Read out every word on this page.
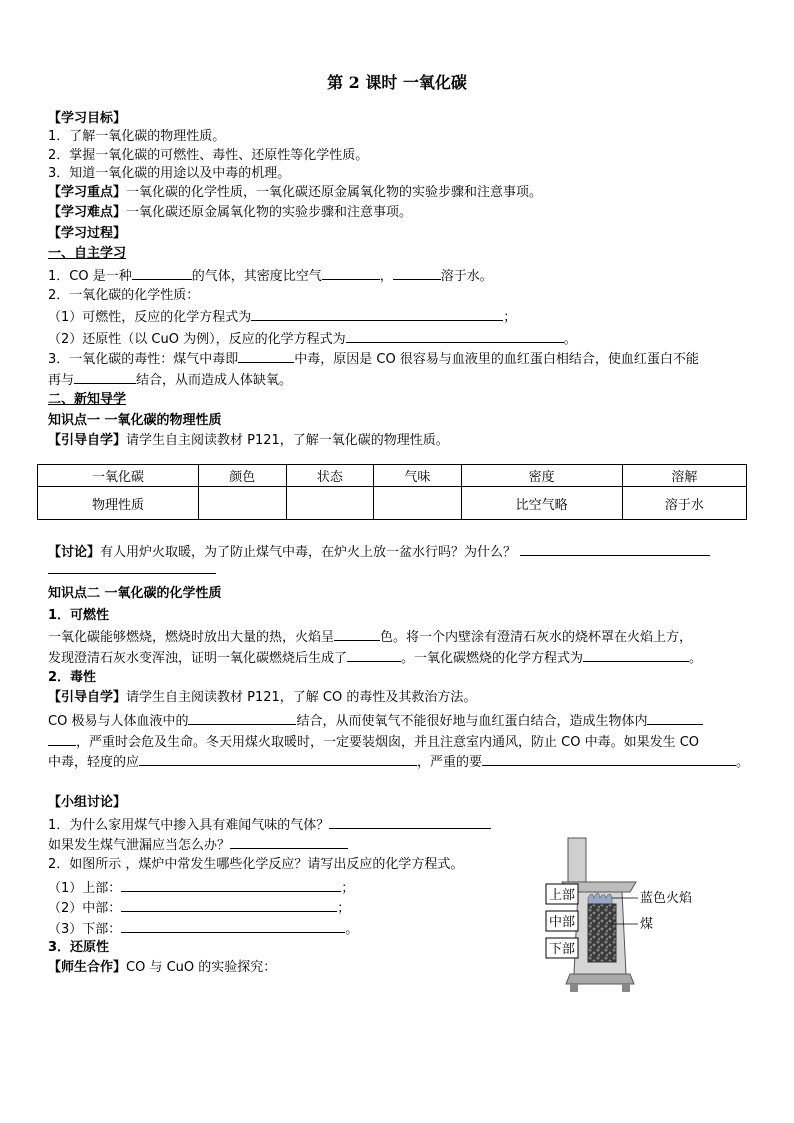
第 2 课时 一氧化碳
【学习目标】
1．了解一氧化碳的物理性质。
2．掌握一氧化碳的可燃性、毒性、还原性等化学性质。
3．知道一氧化碳的用途以及中毒的机理。
【学习重点】一氧化碳的化学性质，一氧化碳还原金属氧化物的实验步骤和注意事项。
【学习难点】一氧化碳还原金属氧化物的实验步骤和注意事项。
【学习过程】
一、自主学习
1．CO 是一种	的气体，其密度比空气	，	溶于水。
2．一氧化碳的化学性质：
（1）可燃性，反应的化学方程式为	；
（2）还原性（以 CuO 为例），反应的化学方程式为	。
3．一氧化碳的毒性：煤气中毒即	中毒，原因是 CO 很容易与血液里的血红蛋白相结合，使血红蛋白不能
再与	结合，从而造成人体缺氧。
二、新知导学
知识点一 一氧化碳的物理性质
【引导自学】请学生自主阅读教材 P121，了解一氧化碳的物理性质。
一氧化碳	颜色	状态	气味	密度	溶解
物理性质				比空气略	溶于水
【讨论】有人用炉火取暖，为了防止煤气中毒，在炉火上放一盆水行吗？为什么？
知识点二 一氧化碳的化学性质
1．可燃性
一氧化碳能够燃烧，燃烧时放出大量的热，火焰呈	色。将一个内壁涂有澄清石灰水的烧杯罩在火焰上方，
发现澄清石灰水变浑浊，证明一氧化碳燃烧后生成了	。一氧化碳燃烧的化学方程式为	。
2．毒性
【引导自学】请学生自主阅读教材 P121，了解 CO 的毒性及其救治方法。
CO 极易与人体血液中的	结合，从而使氧气不能很好地与血红蛋白结合，造成生物体内
，严重时会危及生命。冬天用煤火取暖时，一定要装烟囱，并且注意室内通风，防止 CO 中毒。如果发生 CO
中毒，轻度的应	，严重的要	。
【小组讨论】
1．为什么家用煤气中掺入具有难闻气味的气体？
如果发生煤气泄漏应当怎么办？
2．如图所示 ，煤炉中常发生哪些化学反应？请写出反应的化学方程式。
（1）上部：	；
（2）中部：	；
（3）下部：	。
3．还原性
【师生合作】CO 与 CuO 的实验探究：
上部
中部
下部
蓝色火焰
煤
